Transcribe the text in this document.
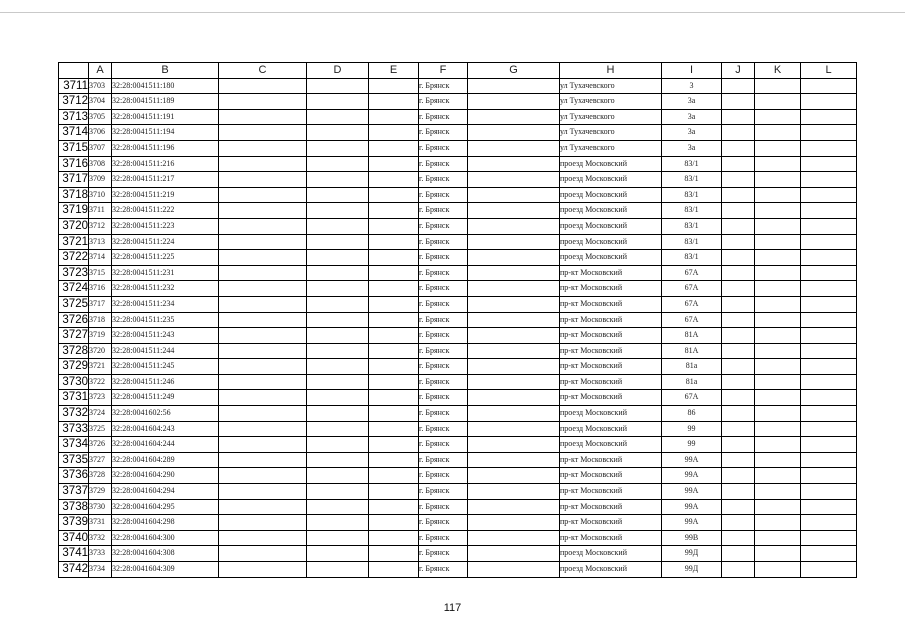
	A	B	C	D	E	F	G	H	I	J	K	L
3711	3703	32:28:0041511:180				г. Брянск		ул Тухачевского	3			
3712	3704	32:28:0041511:189				г. Брянск		ул Тухачевского	3а			
3713	3705	32:28:0041511:191				г. Брянск		ул Тухачевского	3а			
3714	3706	32:28:0041511:194				г. Брянск		ул Тухачевского	3а			
3715	3707	32:28:0041511:196				г. Брянск		ул Тухачевского	3а			
3716	3708	32:28:0041511:216				г. Брянск		проезд Московский	83/1			
3717	3709	32:28:0041511:217				г. Брянск		проезд Московский	83/1			
3718	3710	32:28:0041511:219				г. Брянск		проезд Московский	83/1			
3719	3711	32:28:0041511:222				г. Брянск		проезд Московский	83/1			
3720	3712	32:28:0041511:223				г. Брянск		проезд Московский	83/1			
3721	3713	32:28:0041511:224				г. Брянск		проезд Московский	83/1			
3722	3714	32:28:0041511:225				г. Брянск		проезд Московский	83/1			
3723	3715	32:28:0041511:231				г. Брянск		пр-кт Московский	67А			
3724	3716	32:28:0041511:232				г. Брянск		пр-кт Московский	67А			
3725	3717	32:28:0041511:234				г. Брянск		пр-кт Московский	67А			
3726	3718	32:28:0041511:235				г. Брянск		пр-кт Московский	67А			
3727	3719	32:28:0041511:243				г. Брянск		пр-кт Московский	81А			
3728	3720	32:28:0041511:244				г. Брянск		пр-кт Московский	81А			
3729	3721	32:28:0041511:245				г. Брянск		пр-кт Московский	81а			
3730	3722	32:28:0041511:246				г. Брянск		пр-кт Московский	81а			
3731	3723	32:28:0041511:249				г. Брянск		пр-кт Московский	67А			
3732	3724	32:28:0041602:56				г. Брянск		проезд Московский	86			
3733	3725	32:28:0041604:243				г. Брянск		проезд Московский	99			
3734	3726	32:28:0041604:244				г. Брянск		проезд Московский	99			
3735	3727	32:28:0041604:289				г. Брянск		пр-кт Московский	99А			
3736	3728	32:28:0041604:290				г. Брянск		пр-кт Московский	99А			
3737	3729	32:28:0041604:294				г. Брянск		пр-кт Московский	99А			
3738	3730	32:28:0041604:295				г. Брянск		пр-кт Московский	99А			
3739	3731	32:28:0041604:298				г. Брянск		пр-кт Московский	99А			
3740	3732	32:28:0041604:300				г. Брянск		пр-кт Московский	99В			
3741	3733	32:28:0041604:308				г. Брянск		проезд Московский	99Д			
3742	3734	32:28:0041604:309				г. Брянск		проезд Московский	99Д			
117
